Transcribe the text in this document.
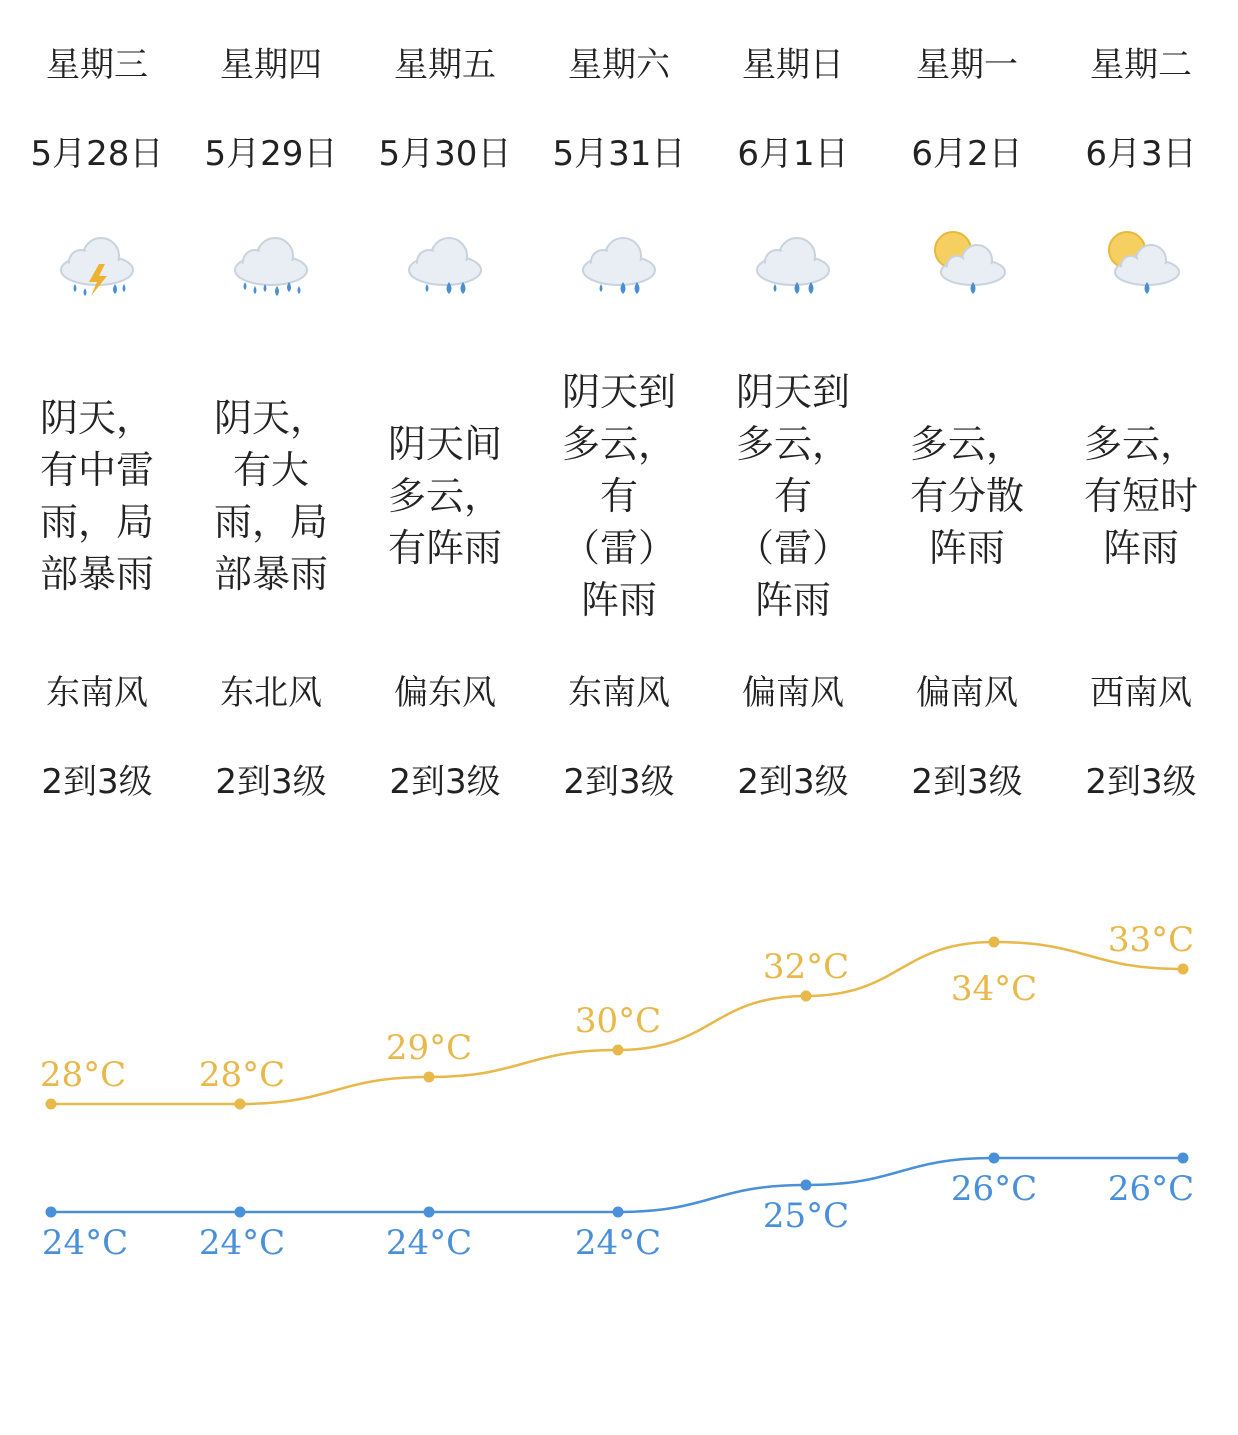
星期三
5月28日
阴天，
有中雷
雨，局
部暴雨
东南风
2到3级
星期四
5月29日
阴天，
有大
雨，局
部暴雨
东北风
2到3级
星期五
5月30日
阴天间
多云，
有阵雨
偏东风
2到3级
星期六
5月31日
阴天到
多云，
有
（雷）
阵雨
东南风
2到3级
星期日
6月1日
阴天到
多云，
有
（雷）
阵雨
偏南风
2到3级
星期一
6月2日
多云，
有分散
阵雨
偏南风
2到3级
星期二
6月3日
多云，
有短时
阵雨
西南风
2到3级
28°C 28°C
29°C
30°C
32°C
34°C
33°C
24°C 24°C	24°C	24°C
25°C
26°C 26°C
